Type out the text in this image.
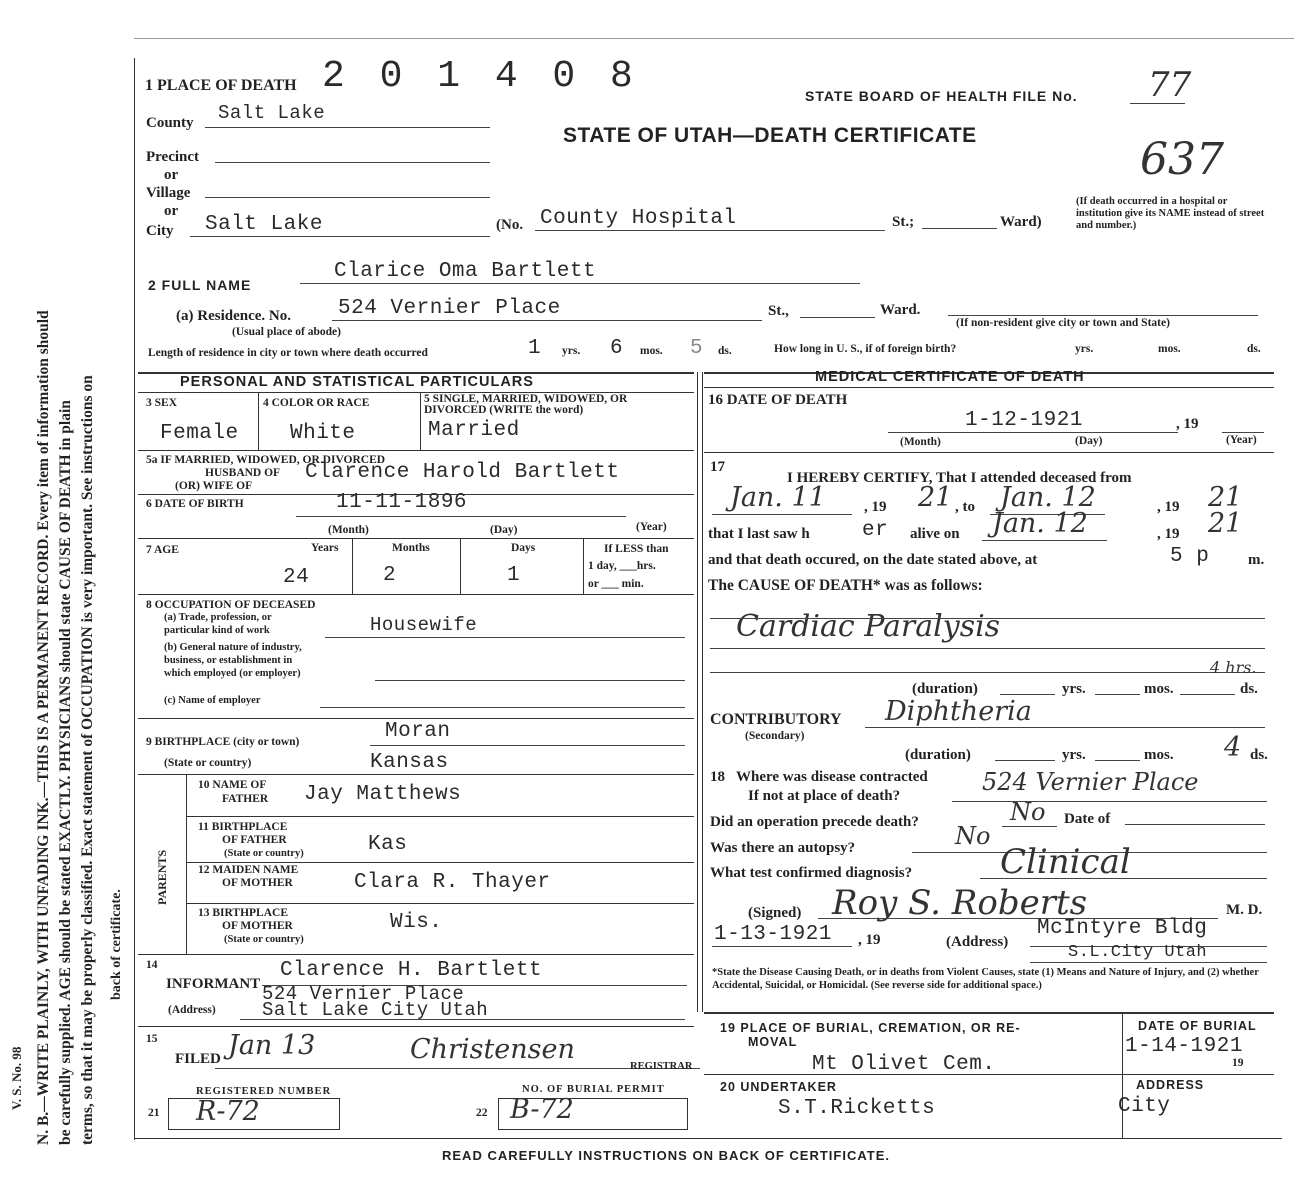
N. B.—WRITE PLAINLY, WITH UNFADING INK.—THIS IS A PERMANENT RECORD. Every item of information should be carefully supplied. AGE should be stated EXACTLY. PHYSICIANS should state CAUSE OF DEATH in plain terms, so that it may be properly classified. Exact statement of OCCUPATION is very important. See instructions on back of certificate.
V. S. No. 98
1 PLACE OF DEATH 2 0 1 4 0 8	STATE BOARD OF HEALTH FILE No. 77
STATE OF UTAH—DEATH CERTIFICATE	637
County Salt Lake
Precinct
or
Village
or
City Salt Lake	(No. County Hospital	St.;	Ward)
(If death occurred in a hospital or institution give its NAME instead of street and number.)
2 FULL NAME
Clarice Oma Bartlett
(a) Residence. No. 524 Vernier Place	St.,	Ward.
(Usual place of abode)
(If non-resident give city or town and State)
Length of residence in city or town where death occurred	1 yrs. 6 mos. 5 ds.	How long in U. S., if of foreign birth?	yrs.	mos.	ds.
PERSONAL AND STATISTICAL PARTICULARS
3 SEX
Female
4 COLOR OR RACE
White
5 SINGLE, MARRIED, WIDOWED, OR DIVORCED (WRITE the word)
Married
5a IF MARRIED, WIDOWED, OR DIVORCED
HUSBAND OF
(OR) WIFE OF
Clarence Harold Bartlett
6 DATE OF BIRTH	11-11-1896
(Month)	(Day)	(Year)
7 AGE	Years	Months	Days	If LESS than
1 day, ___hrs.
or ___ min.
24	2	1
8 OCCUPATION OF DECEASED
(a) Trade, profession, or
particular kind of work	Housewife
(b) General nature of industry,
business, or establishment in
which employed (or employer)
(c) Name of employer
9 BIRTHPLACE (city or town)	Moran
(State or country)	Kansas
PARENTS
10 NAME OF
FATHER Jay Matthews
11 BIRTHPLACE
OF FATHER
(State or country)	Kas
12 MAIDEN NAME
OF MOTHER	Clara R. Thayer
13 BIRTHPLACE
OF MOTHER
(State or country)
Wis.
14
INFORMANT
Clarence H. Bartlett
(Address)
524 Vernier Place
Salt Lake City Utah
15
FILED Jan 13	Christensen
REGISTRAR
REGISTERED NUMBER
21 R-72
NO. OF BURIAL PERMIT
22 B-72
MEDICAL CERTIFICATE OF DEATH
16 DATE OF DEATH
1-12-1921	, 19
(Month)	(Day)	(Year)
17
I HEREBY CERTIFY, That I attended deceased from
Jan. 11	, 19 21 , to Jan. 12	, 19 21
that I last saw h er alive on Jan. 12	, 19 21
and that death occured, on the date stated above, at	5 p	m.
The CAUSE OF DEATH* was as follows:
Cardiac Paralysis
(duration)	yrs.	mos.	ds.
4 hrs.
CONTRIBUTORY
(Secondary)
Diphtheria
(duration)	yrs.	mos. 4 ds.
18 Where was disease contracted
If not at place of death?	524 Vernier Place
Did an operation precede death?	No Date of
Was there an autopsy?	No
What test confirmed diagnosis?	Clinical
(Signed) Roy S. Roberts	M. D.
1-13-1921 , 19	(Address)
McIntyre Bldg
S.L.City Utah
*State the Disease Causing Death, or in deaths from Violent Causes, state (1) Means and Nature of Injury, and (2) whether Accidental, Suicidal, or Homicidal. (See reverse side for additional space.)
19 PLACE OF BURIAL, CREMATION, OR RE-
MOVAL
Mt Olivet Cem.
DATE OF BURIAL
1-14-1921
19
20 UNDERTAKER
S.T.Ricketts
ADDRESS
City
READ CAREFULLY INSTRUCTIONS ON BACK OF CERTIFICATE.
